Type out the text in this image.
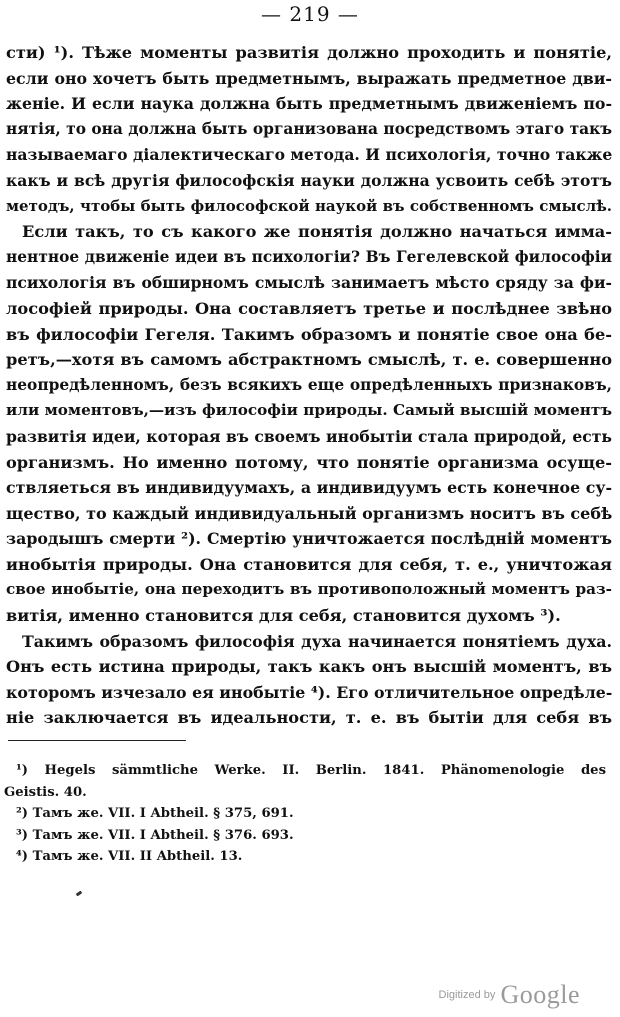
— 219 —
сти) ¹). Тѣже моменты развитія должно проходить и понятіе,
если оно хочетъ быть предметнымъ, выражать предметное дви-
женіе. И если наука должна быть предметнымъ движеніемъ по-
нятія, то она должна быть организована посредствомъ этаго такъ
называемаго діалектическаго метода. И психологія, точно также
какъ и всѣ другія философскія науки должна усвоить себѣ этотъ
методъ, чтобы быть философской наукой въ собственномъ смыслѣ.
Если такъ, то съ какого же понятія должно начаться имма-
нентное движеніе идеи въ психологіи? Въ Гегелевской философіи
психологія въ обширномъ смыслѣ занимаетъ мѣсто сряду за фи-
лософіей природы. Она составляетъ третье и послѣднее звѣно
въ философіи Гегеля. Такимъ образомъ и понятіе свое она бе-
ретъ,—хотя въ самомъ абстрактномъ смыслѣ, т. е. совершенно
неопредѣленномъ, безъ всякихъ еще опредѣленныхъ признаковъ,
или моментовъ,—изъ философіи природы. Самый высшій моментъ
развитія идеи, которая въ своемъ инобытіи стала природой, есть
организмъ. Но именно потому, что понятіе организма осуще-
ствляеться въ индивидуумахъ, а индивидуумъ есть конечное су-
щество, то каждый индивидуальный организмъ носитъ въ себѣ
зародышъ смерти ²). Смертію уничтожается послѣдній моментъ
инобытія природы. Она становится для себя, т. е., уничтожая
свое инобытіе, она переходитъ въ противоположный моментъ раз-
витія, именно становится для себя, становится духомъ ³).
Такимъ образомъ философія духа начинается понятіемъ духа.
Онъ есть истина природы, такъ какъ онъ высшій моментъ, въ
которомъ изчезало ея инобытіе ⁴). Его отличительное опредѣле-
ніе заключается въ идеальности, т. е. въ бытіи для себя въ
¹) Hegels sämmtliche Werke. II. Berlin. 1841. Phänomenologie des
Geistis. 40.
²) Тамъ же. VII. I Abtheil. § 375, 691.
³) Тамъ же. VII. I Abtheil. § 376. 693.
⁴) Тамъ же. VII. II Abtheil. 13.
Digitized by Google
